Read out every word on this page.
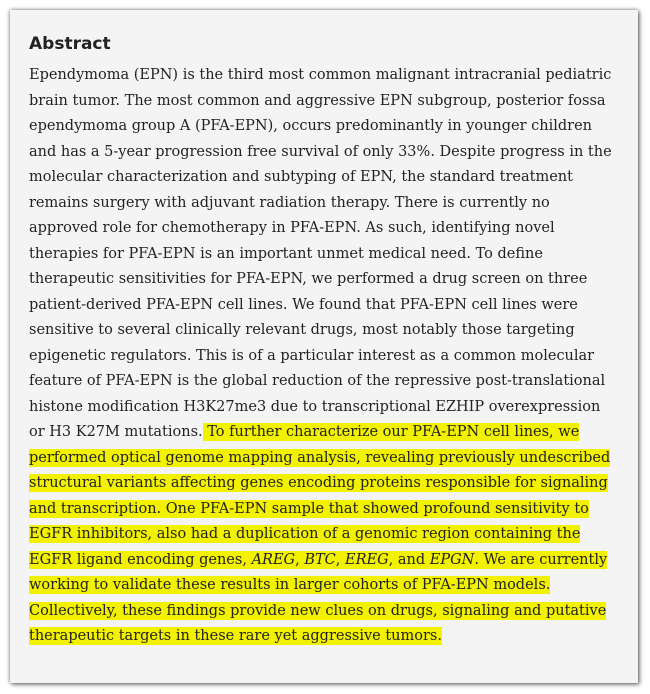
Abstract
Ependymoma (EPN) is the third most common malignant intracranial pediatric brain tumor. The most common and aggressive EPN subgroup, posterior fossa ependymoma group A (PFA-EPN), occurs predominantly in younger children and has a 5-year progression free survival of only 33%. Despite progress in the molecular characterization and subtyping of EPN, the standard treatment remains surgery with adjuvant radiation therapy. There is currently no approved role for chemotherapy in PFA-EPN. As such, identifying novel therapies for PFA-EPN is an important unmet medical need. To define therapeutic sensitivities for PFA-EPN, we performed a drug screen on three patient-derived PFA-EPN cell lines. We found that PFA-EPN cell lines were sensitive to several clinically relevant drugs, most notably those targeting epigenetic regulators. This is of a particular interest as a common molecular feature of PFA-EPN is the global reduction of the repressive post-translational histone modification H3K27me3 due to transcriptional EZHIP overexpression or H3 K27M mutations. To further characterize our PFA-EPN cell lines, we performed optical genome mapping analysis, revealing previously undescribed structural variants affecting genes encoding proteins responsible for signaling and transcription. One PFA-EPN sample that showed profound sensitivity to EGFR inhibitors, also had a duplication of a genomic region containing the EGFR ligand encoding genes, AREG, BTC, EREG, and EPGN. We are currently working to validate these results in larger cohorts of PFA-EPN models. Collectively, these findings provide new clues on drugs, signaling and putative therapeutic targets in these rare yet aggressive tumors.
